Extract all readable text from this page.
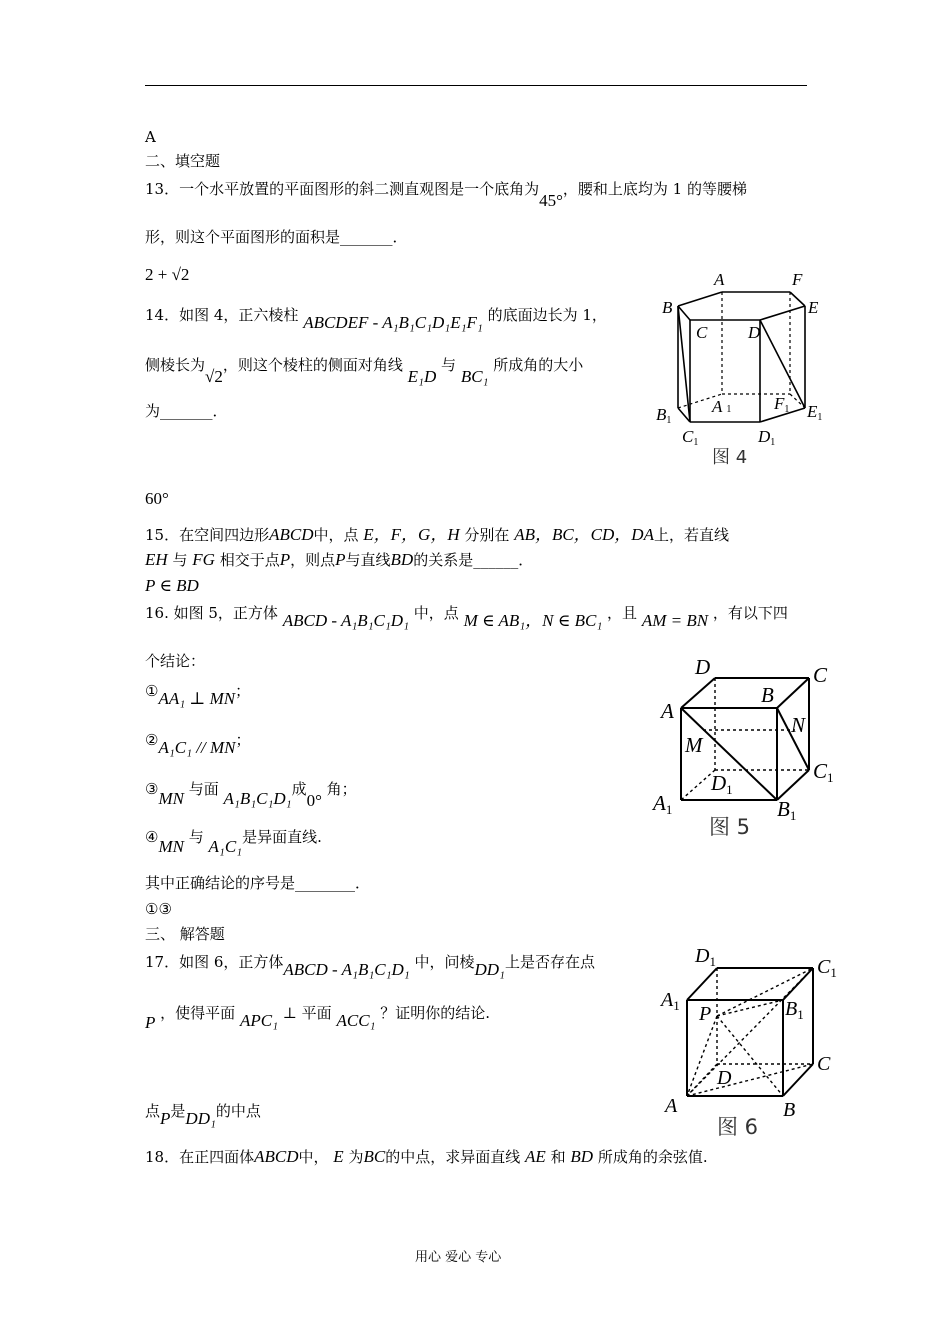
A
二、填空题
13．一个水平放置的平面图形的斜二测直观图是一个底角为45°，腰和上底均为 1 的等腰梯
形，则这个平面图形的面积是_______．
2 + √2
14．如图 4，正六棱柱 ABCDEF - A₁B₁C₁D₁E₁F₁ 的底面边长为 1，
侧棱长为√2，则这个棱柱的侧面对角线 E₁D 与 BC₁ 所成角的大小
为_______．
60°
15．在空间四边形ABCD中，点 E，F，G，H 分别在 AB，BC，CD，DA上，若直线
EH 与 FG 相交于点P，则点P与直线BD的关系是______．
P ∈ BD
16. 如图 5，正方体 ABCD - A₁B₁C₁D₁ 中，点 M ∈ AB₁，N ∈ BC₁ ，且 AM = BN ，有以下四
个结论：
①AA₁ ⊥ MN；
②A₁C₁ // MN；
③MN 与面 A₁B₁C₁D₁成0° 角；
④MN 与 A₁C₁是异面直线.
其中正确结论的序号是________．
①③
三、 解答题
17．如图 6，正方体ABCD - A₁B₁C₁D₁ 中，问棱DD₁上是否存在点
P ，使得平面 APC₁ ⊥ 平面 ACC₁ ？证明你的结论.
点P是DD₁的中点
18．在正四面体ABCD中， E 为BC的中点，求异面直线 AE 和 BD 所成角的余弦值.
用心 爱心 专心
A	F
B	E
C D
B1
A 1	F1 E1
C1	D1
图 4
D	C
A
B
N
M
D1
C1
A1	B1
图 5
$D_1$	$C_1$
$A_1$	$B_1$
P
D
C
A	B
图 6
